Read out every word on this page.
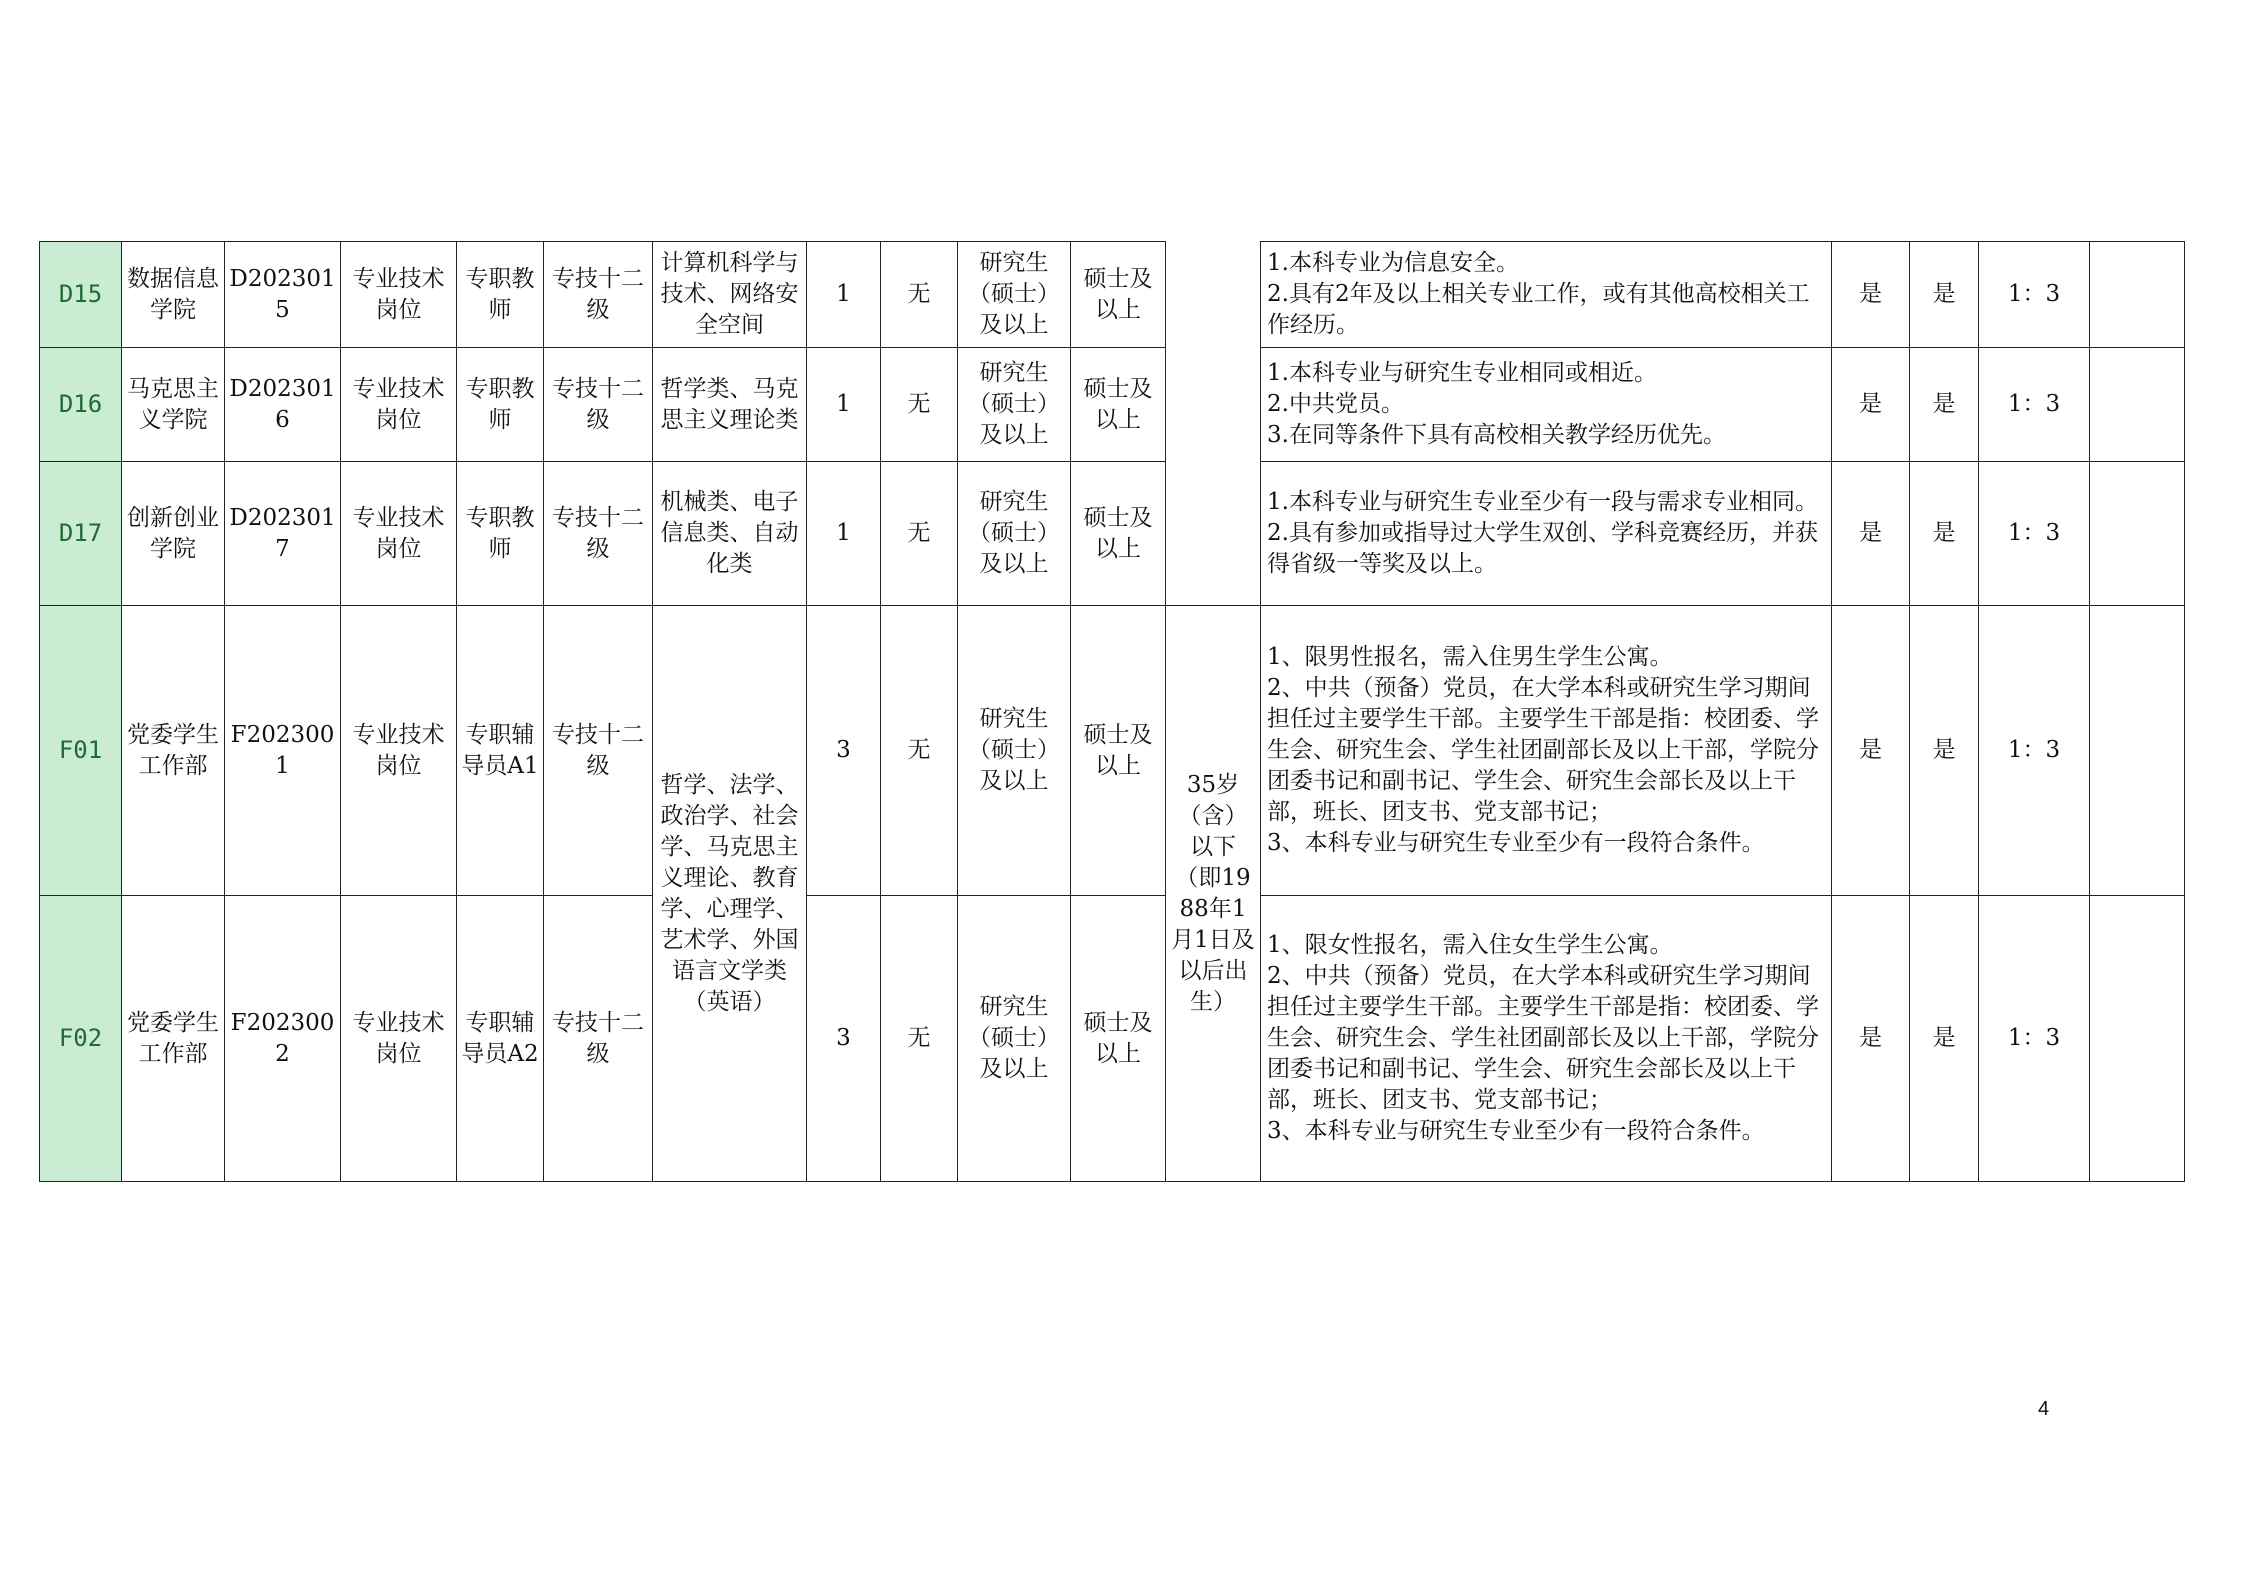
D15	数据信息学院	D2023015	专业技术岗位	专职教师	专技十二级	计算机科学与技术、网络安全空间	1	无	研究生（硕士）及以上	硕士及以上		1.本科专业为信息安全。
2.具有2年及以上相关专业工作，或有其他高校相关工作经历。	是	是	1：3	
D16	马克思主义学院	D2023016	专业技术岗位	专职教师	专技十二级	哲学类、马克思主义理论类	1	无	研究生（硕士）及以上	硕士及以上		1.本科专业与研究生专业相同或相近。
2.中共党员。
3.在同等条件下具有高校相关教学经历优先。	是	是	1：3	
D17	创新创业学院	D2023017	专业技术岗位	专职教师	专技十二级	机械类、电子信息类、自动化类	1	无	研究生（硕士）及以上	硕士及以上		1.本科专业与研究生专业至少有一段与需求专业相同。
2.具有参加或指导过大学生双创、学科竞赛经历，并获得省级一等奖及以上。	是	是	1：3	
F01	党委学生工作部	F2023001	专业技术岗位	专职辅导员A1	专技十二级	哲学、法学、政治学、社会学、马克思主义理论、教育学、心理学、艺术学、外国语言文学类（英语）	3	无	研究生（硕士）及以上	硕士及以上	35岁（含）以下（即1988年1月1日及以后出生）	1、限男性报名，需入住男生学生公寓。
2、中共（预备）党员，在大学本科或研究生学习期间担任过主要学生干部。主要学生干部是指：校团委、学生会、研究生会、学生社团副部长及以上干部，学院分团委书记和副书记、学生会、研究生会部长及以上干部，班长、团支书、党支部书记；
3、本科专业与研究生专业至少有一段符合条件。	是	是	1：3	
F02	党委学生工作部	F2023002	专业技术岗位	专职辅导员A2	专技十二级		3	无	研究生（硕士）及以上	硕士及以上		1、限女性报名，需入住女生学生公寓。
2、中共（预备）党员，在大学本科或研究生学习期间担任过主要学生干部。主要学生干部是指：校团委、学生会、研究生会、学生社团副部长及以上干部，学院分团委书记和副书记、学生会、研究生会部长及以上干部，班长、团支书、党支部书记；
3、本科专业与研究生专业至少有一段符合条件。	是	是	1：3	
4
